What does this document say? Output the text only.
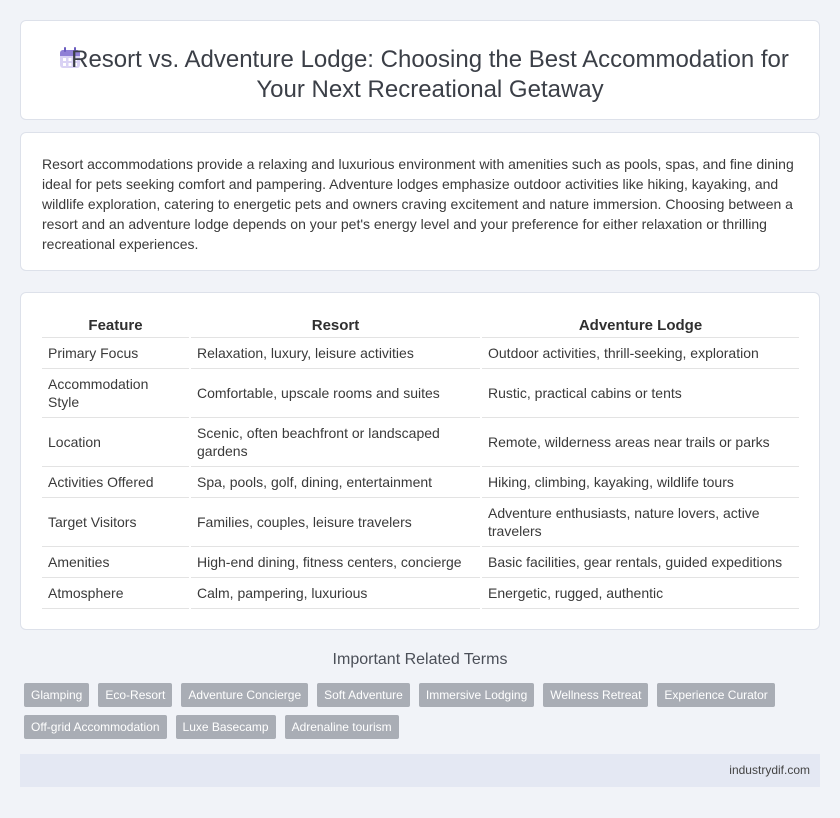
Resort vs. Adventure Lodge: Choosing the Best Accommodation for Your Next Recreational Getaway

Resort accommodations provide a relaxing and luxurious environment with amenities such as pools, spas, and fine dining ideal for pets seeking comfort and pampering. Adventure lodges emphasize outdoor activities like hiking, kayaking, and wildlife exploration, catering to energetic pets and owners craving excitement and nature immersion. Choosing between a resort and an adventure lodge depends on your pet's energy level and your preference for either relaxation or thrilling recreational experiences.

Feature	Resort	Adventure Lodge
Primary Focus	Relaxation, luxury, leisure activities	Outdoor activities, thrill-seeking, exploration
Accommodation Style	Comfortable, upscale rooms and suites	Rustic, practical cabins or tents
Location	Scenic, often beachfront or landscaped gardens	Remote, wilderness areas near trails or parks
Activities Offered	Spa, pools, golf, dining, entertainment	Hiking, climbing, kayaking, wildlife tours
Target Visitors	Families, couples, leisure travelers	Adventure enthusiasts, nature lovers, active travelers
Amenities	High-end dining, fitness centers, concierge	Basic facilities, gear rentals, guided expeditions
Atmosphere	Calm, pampering, luxurious	Energetic, rugged, authentic
Important Related Terms
Glamping	Eco-Resort	Adventure Concierge	Soft Adventure	Immersive Lodging	Wellness Retreat	Experience Curator
Off-grid Accommodation	Luxe Basecamp	Adrenaline tourism
industrydif.com
